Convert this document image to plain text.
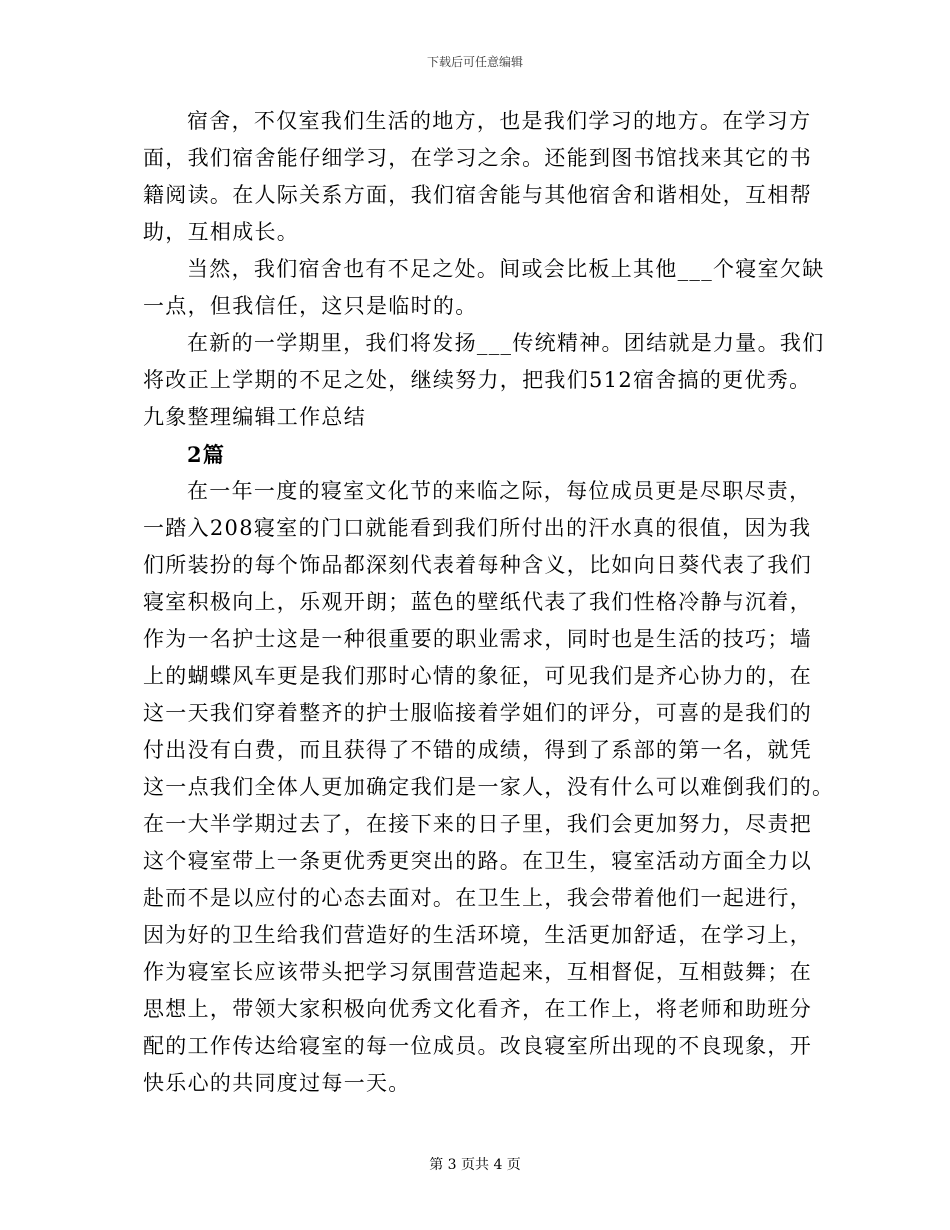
下载后可任意编辑
宿舍，不仅室我们生活的地方，也是我们学习的地方。在学习方
面，我们宿舍能仔细学习，在学习之余。还能到图书馆找来其它的书
籍阅读。在人际关系方面，我们宿舍能与其他宿舍和谐相处，互相帮
助，互相成长。
当然，我们宿舍也有不足之处。间或会比板上其他___个寝室欠缺
一点，但我信任，这只是临时的。
在新的一学期里，我们将发扬___传统精神。团结就是力量。我们
将改正上学期的不足之处，继续努力，把我们512宿舍搞的更优秀。
九象整理编辑工作总结
2篇
在一年一度的寝室文化节的来临之际，每位成员更是尽职尽责，
一踏入208寝室的门口就能看到我们所付出的汗水真的很值，因为我
们所装扮的每个饰品都深刻代表着每种含义，比如向日葵代表了我们
寝室积极向上，乐观开朗；蓝色的壁纸代表了我们性格冷静与沉着，
作为一名护士这是一种很重要的职业需求，同时也是生活的技巧；墙
上的蝴蝶风车更是我们那时心情的象征，可见我们是齐心协力的，在
这一天我们穿着整齐的护士服临接着学姐们的评分，可喜的是我们的
付出没有白费，而且获得了不错的成绩，得到了系部的第一名，就凭
这一点我们全体人更加确定我们是一家人，没有什么可以难倒我们的。
在一大半学期过去了，在接下来的日子里，我们会更加努力，尽责把
这个寝室带上一条更优秀更突出的路。在卫生，寝室活动方面全力以
赴而不是以应付的心态去面对。在卫生上，我会带着他们一起进行，
因为好的卫生给我们营造好的生活环境，生活更加舒适，在学习上，
作为寝室长应该带头把学习氛围营造起来，互相督促，互相鼓舞；在
思想上，带领大家积极向优秀文化看齐，在工作上，将老师和助班分
配的工作传达给寝室的每一位成员。改良寝室所出现的不良现象，开
快乐心的共同度过每一天。
第 3 页共 4 页
